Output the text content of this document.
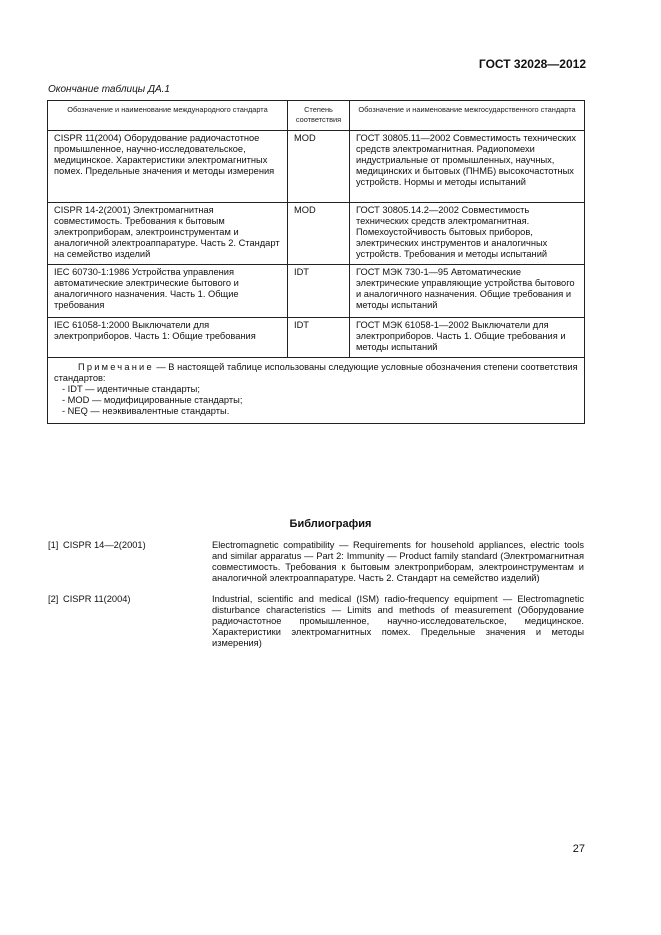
ГОСТ 32028—2012
Окончание таблицы ДА.1
Обозначение и наименование международного стандарта	Степень соответствия	Обозначение и наименование межгосударственного стандарта
CISPR 11(2004) Оборудование радиочастотное промышленное, научно-исследовательское, медицинское. Характеристики электромагнитных помех. Предельные значения и методы измерения	MOD	ГОСТ 30805.11—2002 Совместимость технических средств электромагнитная. Радиопомехи индустриальные от промышленных, научных, медицинских и бытовых (ПНМБ) высокочастотных устройств. Нормы и методы испытаний
CISPR 14-2(2001) Электромагнитная совместимость. Требования к бытовым электроприборам, электроинструментам и аналогичной электроаппаратуре. Часть 2. Стандарт на семейство изделий	MOD	ГОСТ 30805.14.2—2002 Совместимость технических средств электромагнитная. Помехоустойчивость бытовых приборов, электрических инструментов и аналогичных устройств. Требования и методы испытаний
IEC 60730-1:1986 Устройства управления автоматические электрические бытового и аналогичного назначения. Часть 1. Общие требования	IDT	ГОСТ МЭК 730-1—95 Автоматические электрические управляющие устройства бытового и аналогичного назначения. Общие требования и методы испытаний
IEC 61058-1:2000 Выключатели для электроприборов. Часть 1: Общие требования	IDT	ГОСТ МЭК 61058-1—2002 Выключатели для электроприборов. Часть 1. Общие требования и методы испытаний

Примечание — В настоящей таблице использованы следующие условные обозначения степени соответствия стандартов:
- IDT — идентичные стандарты;
- MOD — модифицированные стандарты;
- NEQ — неэквивалентные стандарты.		
Библиография
[1] CISPR 14—2(2001)	Electromagnetic compatibility — Requirements for household appliances, electric tools and similar apparatus — Part 2: Immunity — Product family standard (Электромагнитная совместимость. Требования к бытовым электроприборам, электроинструментам и аналогичной электроаппаратуре. Часть 2. Стандарт на семейство изделий)
[2] CISPR 11(2004)	Industrial, scientific and medical (ISM) radio-frequency equipment — Electromagnetic disturbance characteristics — Limits and methods of measurement (Оборудование радиочастотное промышленное, научно-исследовательское, медицинское. Характеристики электромагнитных помех. Предельные значения и методы измерения)
27
